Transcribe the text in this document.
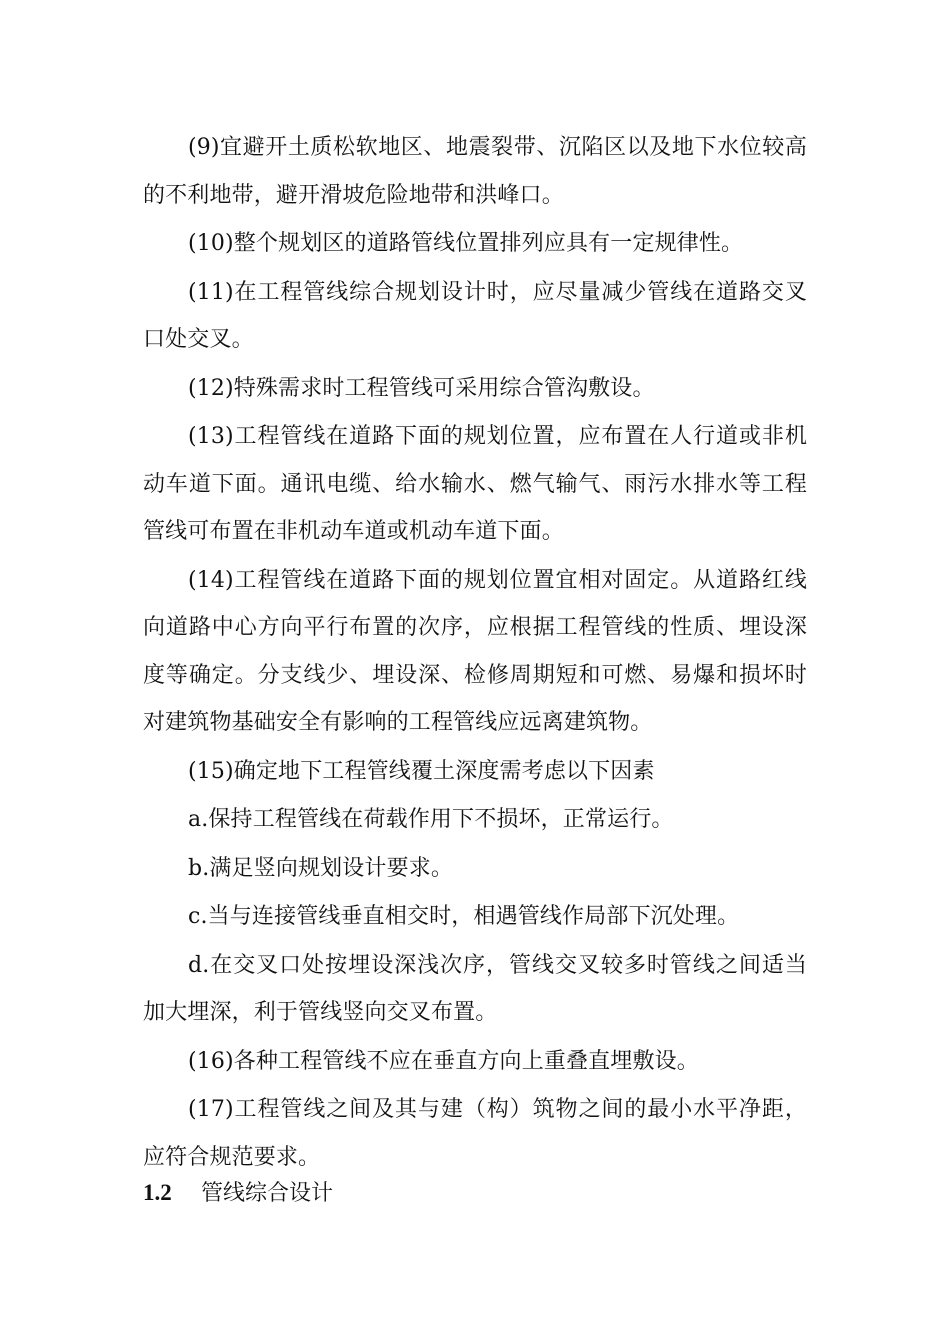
(9)宜避开土质松软地区、地震裂带、沉陷区以及地下水位较高的不利地带，避开滑坡危险地带和洪峰口。

(10)整个规划区的道路管线位置排列应具有一定规律性。

(11)在工程管线综合规划设计时，应尽量减少管线在道路交叉口处交叉。

(12)特殊需求时工程管线可采用综合管沟敷设。

(13)工程管线在道路下面的规划位置，应布置在人行道或非机动车道下面。通讯电缆、给水输水、燃气输气、雨污水排水等工程管线可布置在非机动车道或机动车道下面。

(14)工程管线在道路下面的规划位置宜相对固定。从道路红线向道路中心方向平行布置的次序，应根据工程管线的性质、埋设深度等确定。分支线少、埋设深、检修周期短和可燃、易爆和损坏时对建筑物基础安全有影响的工程管线应远离建筑物。

(15)确定地下工程管线覆土深度需考虑以下因素

a.保持工程管线在荷载作用下不损坏，正常运行。

b.满足竖向规划设计要求。

c.当与连接管线垂直相交时，相遇管线作局部下沉处理。

d.在交叉口处按埋设深浅次序，管线交叉较多时管线之间适当加大埋深，利于管线竖向交叉布置。

(16)各种工程管线不应在垂直方向上重叠直埋敷设。

(17)工程管线之间及其与建（构）筑物之间的最小水平净距，应符合规范要求。

1.2 管线综合设计
